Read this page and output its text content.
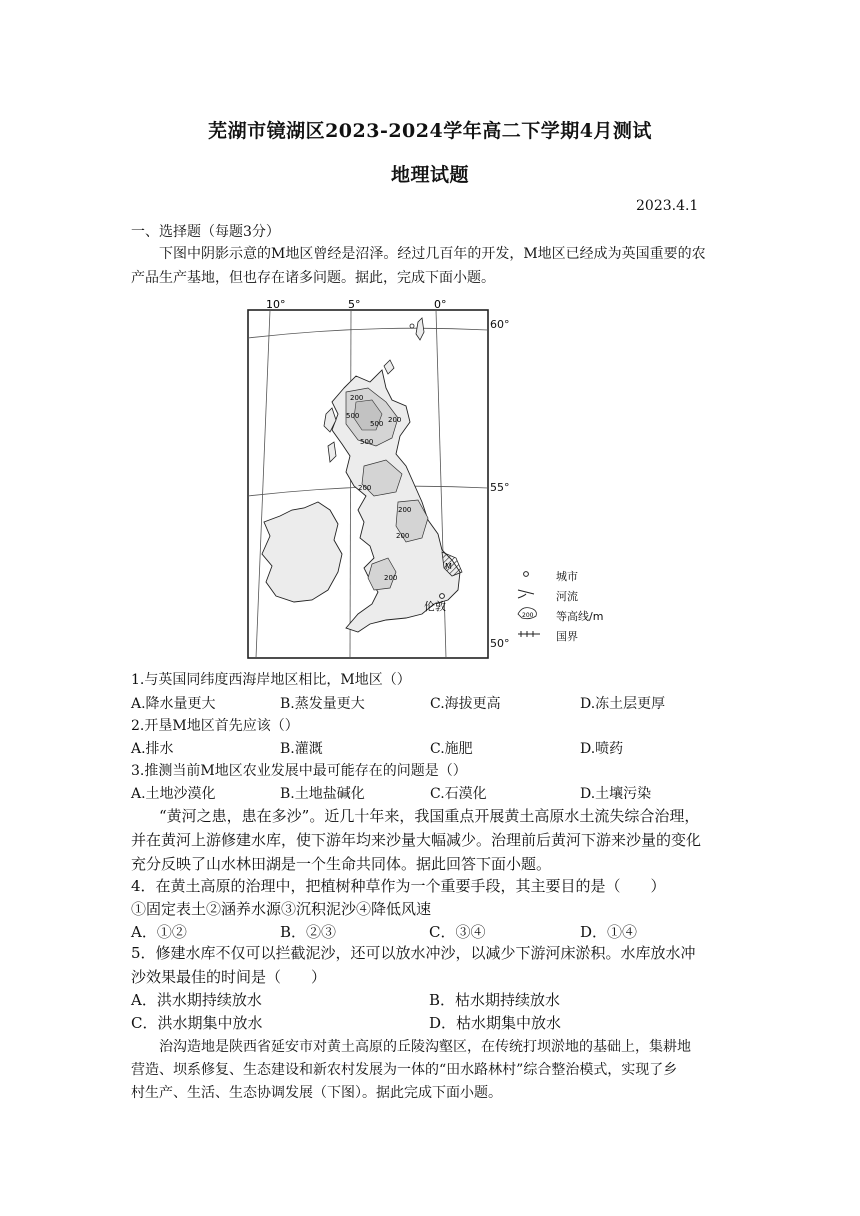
芜湖市镜湖区2023-2024学年高二下学期4月测试
地理试题
2023.4.1
一、选择题（每题3分）
下图中阴影示意的M地区曾经是沼泽。经过几百年的开发，M地区已经成为英国重要的农
产品生产基地，但也存在诸多问题。据此，完成下面小题。
10°	5°	0°
200
500	200
500
500
200
200
200
200
M
伦敦
60°
55°
50°
200
城市
河流
等高线/m
国界
1.与英国同纬度西海岸地区相比，M地区（）
A.降水量更大	B.蒸发量更大	C.海拔更高	D.冻土层更厚
2.开垦M地区首先应该（）
A.排水	B.灌溉	C.施肥	D.喷药
3.推测当前M地区农业发展中最可能存在的问题是（）
A.土地沙漠化	B.土地盐碱化	C.石漠化	D.土壤污染
“黄河之患，患在多沙”。近几十年来，我国重点开展黄土高原水土流失综合治理，
并在黄河上游修建水库，使下游年均来沙量大幅减少。治理前后黄河下游来沙量的变化
充分反映了山水林田湖是一个生命共同体。据此回答下面小题。
4．在黄土高原的治理中，把植树种草作为一个重要手段，其主要目的是（　　）
①固定表土②涵养水源③沉积泥沙④降低风速
A．①②	B．②③	C．③④	D．①④
5．修建水库不仅可以拦截泥沙，还可以放水冲沙，以减少下游河床淤积。水库放水冲
沙效果最佳的时间是（　　）
A．洪水期持续放水	B．枯水期持续放水
C．洪水期集中放水	D．枯水期集中放水
治沟造地是陕西省延安市对黄土高原的丘陵沟壑区，在传统打坝淤地的基础上，集耕地
营造、坝系修复、生态建设和新农村发展为一体的“田水路林村”综合整治模式，实现了乡
村生产、生活、生态协调发展（下图）。据此完成下面小题。
